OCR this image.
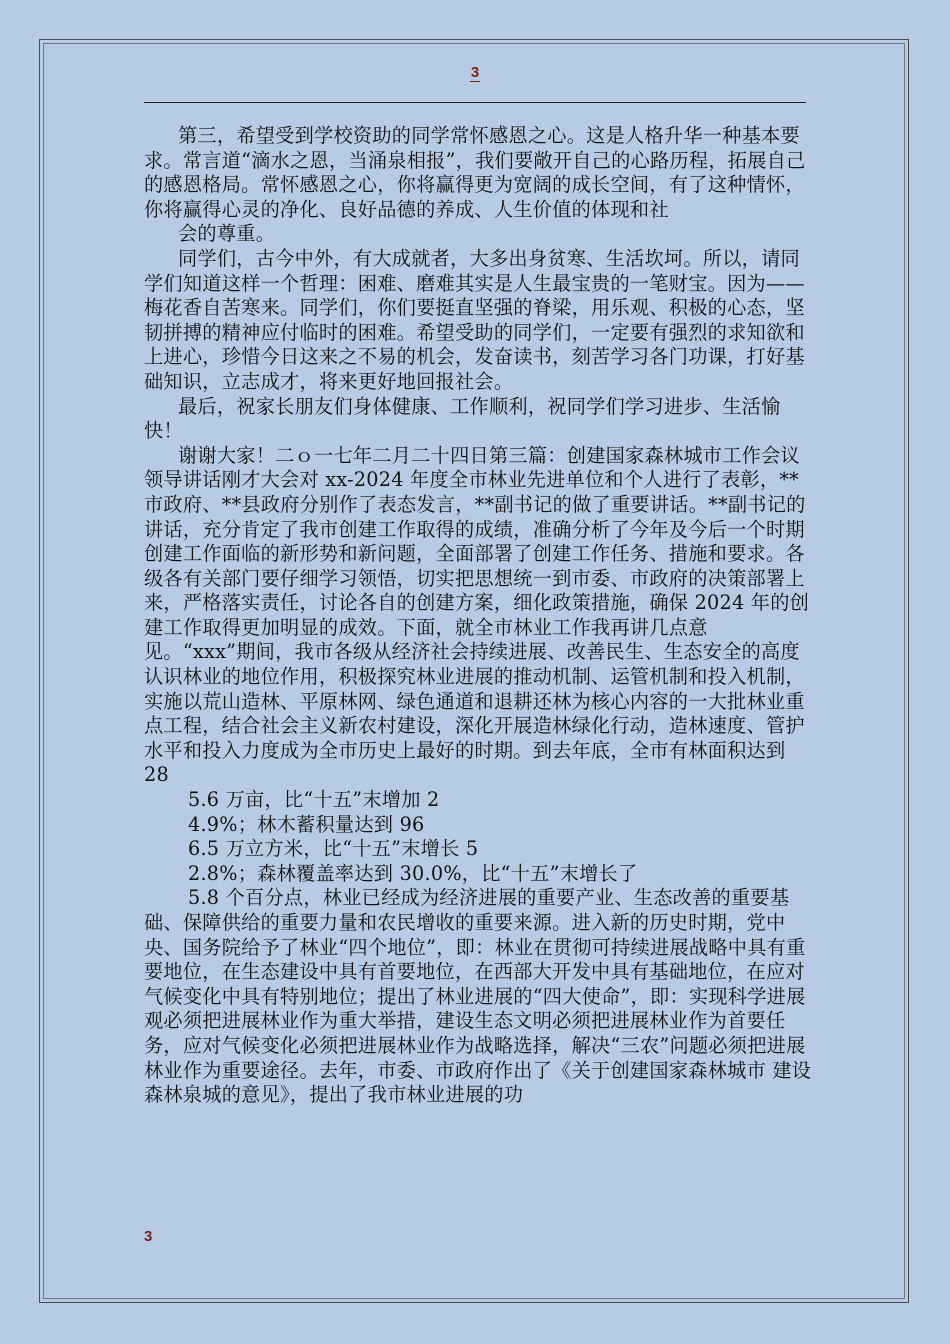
3

第三，希望受到学校资助的同学常怀感恩之心。这是人格升华一种基本要求。常言道“滴水之恩，当涌泉相报”，我们要敞开自己的心路历程，拓展自己的感恩格局。常怀感恩之心，你将赢得更为宽阔的成长空间，有了这种情怀，你将赢得心灵的净化、良好品德的养成、人生价值的体现和社

会的尊重。

同学们，古今中外，有大成就者，大多出身贫寒、生活坎坷。所以，请同学们知道这样一个哲理：困难、磨难其实是人生最宝贵的一笔财宝。因为——梅花香自苦寒来。同学们，你们要挺直坚强的脊梁，用乐观、积极的心态，坚韧拼搏的精神应付临时的困难。希望受助的同学们，一定要有强烈的求知欲和上进心，珍惜今日这来之不易的机会，发奋读书，刻苦学习各门功课，打好基础知识，立志成才，将来更好地回报社会。

最后，祝家长朋友们身体健康、工作顺利，祝同学们学习进步、生活愉快！

谢谢大家！二ｏ一七年二月二十四日第三篇：创建国家森林城市工作会议领导讲话刚才大会对 xx-2024 年度全市林业先进单位和个人进行了表彰，**市政府、**县政府分别作了表态发言，**副书记的做了重要讲话。**副书记的讲话，充分肯定了我市创建工作取得的成绩，准确分析了今年及今后一个时期创建工作面临的新形势和新问题，全面部署了创建工作任务、措施和要求。各级各有关部门要仔细学习领悟，切实把思想统一到市委、市政府的决策部署上来，严格落实责任，讨论各自的创建方案，细化政策措施，确保 2024 年的创建工作取得更加明显的成效。下面，就全市林业工作我再讲几点意见。“xxx”期间，我市各级从经济社会持续进展、改善民生、生态安全的高度认识林业的地位作用，积极探究林业进展的推动机制、运管机制和投入机制，实施以荒山造林、平原林网、绿色通道和退耕还林为核心内容的一大批林业重点工程，结合社会主义新农村建设，深化开展造林绿化行动，造林速度、管护水平和投入力度成为全市历史上最好的时期。到去年底，全市有林面积达到 28

5.6 万亩，比“十五”末增加 2

4.9%；林木蓄积量达到 96

6.5 万立方米，比“十五”末增长 5

2.8%；森林覆盖率达到 30.0%，比“十五”末增长了

5.8 个百分点，林业已经成为经济进展的重要产业、生态改善的重要基础、保障供给的重要力量和农民增收的重要来源。进入新的历史时期，党中央、国务院给予了林业“四个地位”，即：林业在贯彻可持续进展战略中具有重要地位，在生态建设中具有首要地位，在西部大开发中具有基础地位，在应对气候变化中具有特别地位；提出了林业进展的“四大使命”，即：实现科学进展观必须把进展林业作为重大举措，建设生态文明必须把进展林业作为首要任务，应对气候变化必须把进展林业作为战略选择，解决“三农”问题必须把进展林业作为重要途径。去年，市委、市政府作出了《关于创建国家森林城市 建设森林泉城的意见》，提出了我市林业进展的功

3
